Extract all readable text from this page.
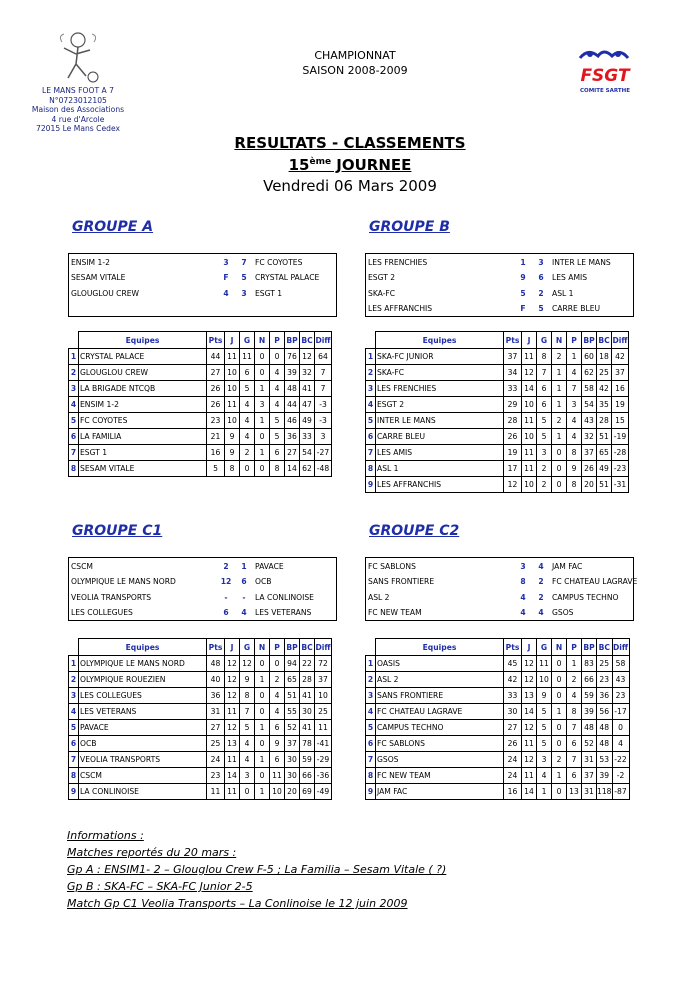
LE MANS FOOT A 7
N°0723012105
Maison des Associations
4 rue d'Arcole
72015 Le Mans Cedex
CHAMPIONNAT
SAISON 2008-2009	FSGT
COMITE SARTHE
RESULTATS - CLASSEMENTS
15ème JOURNEE
Vendredi 06 Mars 2009
GROUPE A
ENSIM 1-2	3	7	FC COYOTES
SESAM VITALE	F	5	CRYSTAL PALACE
GLOUGLOU CREW	4	3	ESGT 1
	Equipes	Pts	J	G	N	P	BP	BC	Diff
1	CRYSTAL PALACE	44	11	11	0	0	76	12	64
2	GLOUGLOU CREW	27	10	6	0	4	39	32	7
3	LA BRIGADE NTCQB	26	10	5	1	4	48	41	7
4	ENSIM 1-2	26	11	4	3	4	44	47	-3
5	FC COYOTES	23	10	4	1	5	46	49	-3
6	LA FAMILIA	21	9	4	0	5	36	33	3
7	ESGT 1	16	9	2	1	6	27	54	-27
8	SESAM VITALE	5	8	0	0	8	14	62	-48
GROUPE B
LES FRENCHIES	1	3	INTER LE MANS
ESGT 2	9	6	LES AMIS
SKA-FC	5	2	ASL 1
LES AFFRANCHIS	F	5	CARRE BLEU
	Equipes	Pts	J	G	N	P	BP	BC	Diff
1	SKA-FC JUNIOR	37	11	8	2	1	60	18	42
2	SKA-FC	34	12	7	1	4	62	25	37
3	LES FRENCHIES	33	14	6	1	7	58	42	16
4	ESGT 2	29	10	6	1	3	54	35	19
5	INTER LE MANS	28	11	5	2	4	43	28	15
6	CARRE BLEU	26	10	5	1	4	32	51	-19
7	LES AMIS	19	11	3	0	8	37	65	-28
8	ASL 1	17	11	2	0	9	26	49	-23
9	LES AFFRANCHIS	12	10	2	0	8	20	51	-31
GROUPE C1
CSCM	2	1	PAVACE
OLYMPIQUE LE MANS NORD	12	6	OCB
VEOLIA TRANSPORTS	-	-	LA CONLINOISE
LES COLLEGUES	6	4	LES VETERANS
	Equipes	Pts	J	G	N	P	BP	BC	Diff
1	OLYMPIQUE LE MANS NORD	48	12	12	0	0	94	22	72
2	OLYMPIQUE ROUEZIEN	40	12	9	1	2	65	28	37
3	LES COLLEGUES	36	12	8	0	4	51	41	10
4	LES VETERANS	31	11	7	0	4	55	30	25
5	PAVACE	27	12	5	1	6	52	41	11
6	OCB	25	13	4	0	9	37	78	-41
7	VEOLIA TRANSPORTS	24	11	4	1	6	30	59	-29
8	CSCM	23	14	3	0	11	30	66	-36
9	LA CONLINOISE	11	11	0	1	10	20	69	-49
GROUPE C2
FC SABLONS	3	4	JAM FAC
SANS FRONTIERE	8	2	FC CHATEAU LAGRAVE
ASL 2	4	2	CAMPUS TECHNO
FC NEW TEAM	4	4	GSOS
	Equipes	Pts	J	G	N	P	BP	BC	Diff
1	OASIS	45	12	11	0	1	83	25	58
2	ASL 2	42	12	10	0	2	66	23	43
3	SANS FRONTIERE	33	13	9	0	4	59	36	23
4	FC CHATEAU LAGRAVE	30	14	5	1	8	39	56	-17
5	CAMPUS TECHNO	27	12	5	0	7	48	48	0
6	FC SABLONS	26	11	5	0	6	52	48	4
7	GSOS	24	12	3	2	7	31	53	-22
8	FC NEW TEAM	24	11	4	1	6	37	39	-2
9	JAM FAC	16	14	1	0	13	31	118	-87
Informations :
Matches reportés du 20 mars :
Gp A : ENSIM1- 2 – Glouglou Crew F-5 ; La Familia – Sesam Vitale ( ?)
Gp B : SKA-FC – SKA-FC Junior 2-5
Match Gp C1 Veolia Transports – La Conlinoise le 12 juin 2009
